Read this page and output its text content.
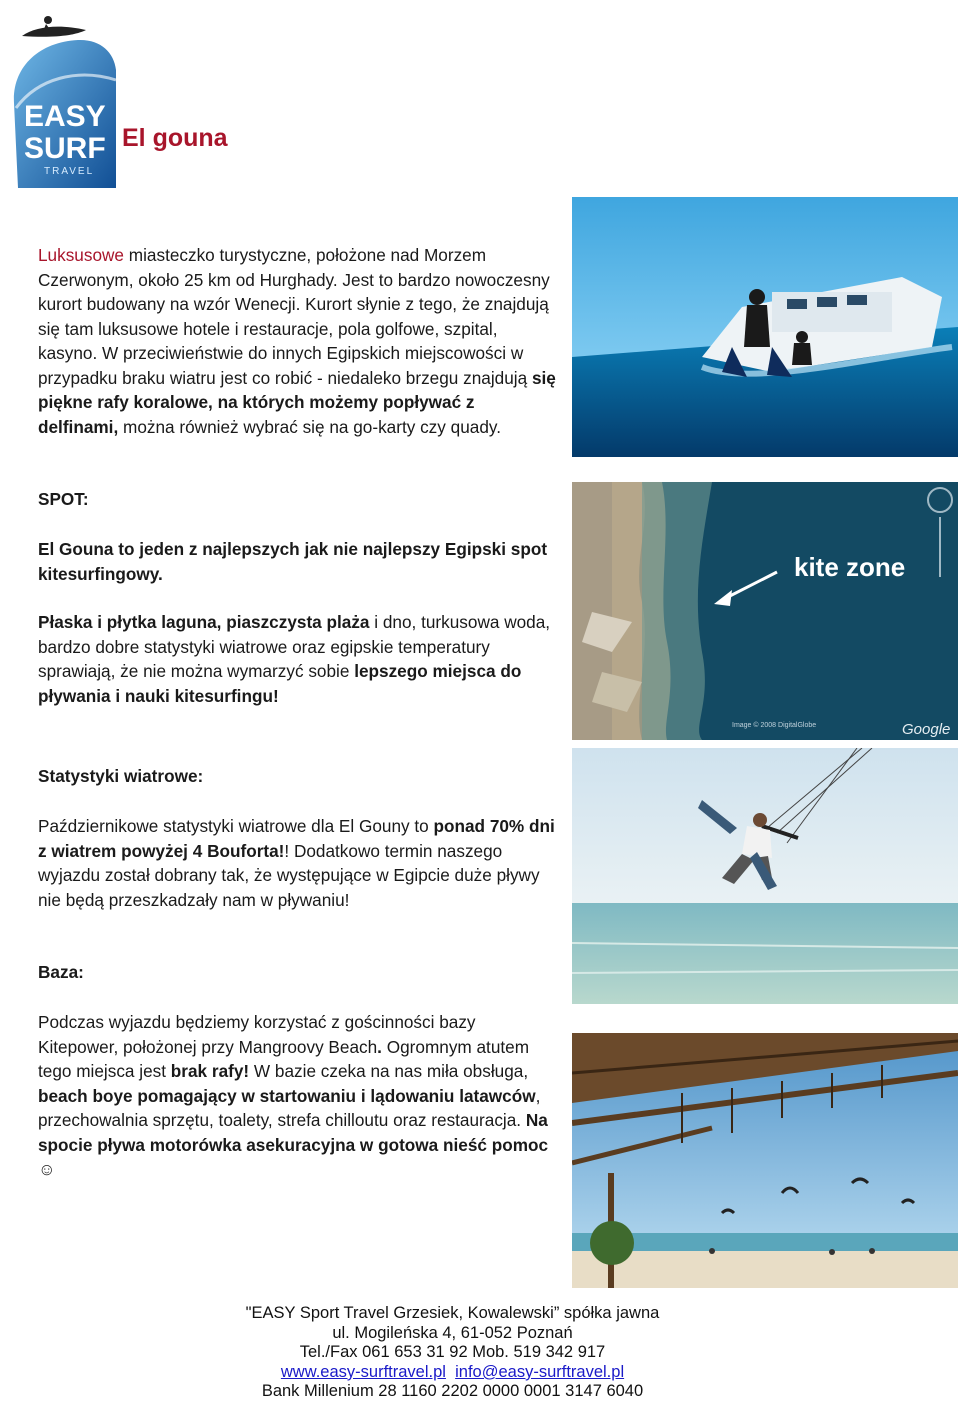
EASY
SURF
TRAVEL
El gouna
Luksusowe miasteczko turystyczne, położone nad Morzem Czerwonym, około 25 km od Hurghady. Jest to bardzo nowoczesny kurort budowany na wzór Wenecji. Kurort słynie z tego, że znajdują się tam luksusowe hotele i restauracje, pola golfowe, szpital, kasyno. W przeciwieństwie do innych Egipskich miejscowości w przypadku braku wiatru jest co robić - niedaleko brzegu znajdują się piękne rafy koralowe, na których możemy popływać z delfinami, można również wybrać się na go-karty czy quady.
SPOT:
El Gouna to jeden z najlepszych jak nie najlepszy Egipski spot kitesurfingowy.
Płaska i płytka laguna, piaszczysta plaża i dno, turkusowa woda, bardzo dobre statystyki wiatrowe oraz egipskie temperatury sprawiają, że nie można wymarzyć sobie lepszego miejsca do pływania i nauki kitesurfingu!
Statystyki wiatrowe:
Październikowe statystyki wiatrowe dla El Gouny to ponad 70% dni z wiatrem powyżej 4 Bouforta!! Dodatkowo termin naszego wyjazdu został dobrany tak, że występujące w Egipcie duże pływy nie będą przeszkadzały nam w pływaniu!
Baza:
Podczas wyjazdu będziemy korzystać z gościnności bazy Kitepower, położonej przy Mangroovy Beach. Ogromnym atutem tego miejsca jest brak rafy! W bazie czeka na nas miła obsługa, beach boye pomagający w startowaniu i lądowaniu latawców, przechowalnia sprzętu, toalety, strefa chilloutu oraz restauracja. Na spocie pływa motorówka asekuracyjna w gotowa nieść pomoc ☺
kite zone
Image © 2008 DigitalGlobe	Google
"EASY Sport Travel Grzesiek, Kowalewski” spółka jawna
ul. Mogileńska 4, 61-052 Poznań
Tel./Fax 061 653 31 92 Mob. 519 342 917
www.easy-surftravel.pl info@easy-surftravel.pl
Bank Millenium 28 1160 2202 0000 0001 3147 6040
